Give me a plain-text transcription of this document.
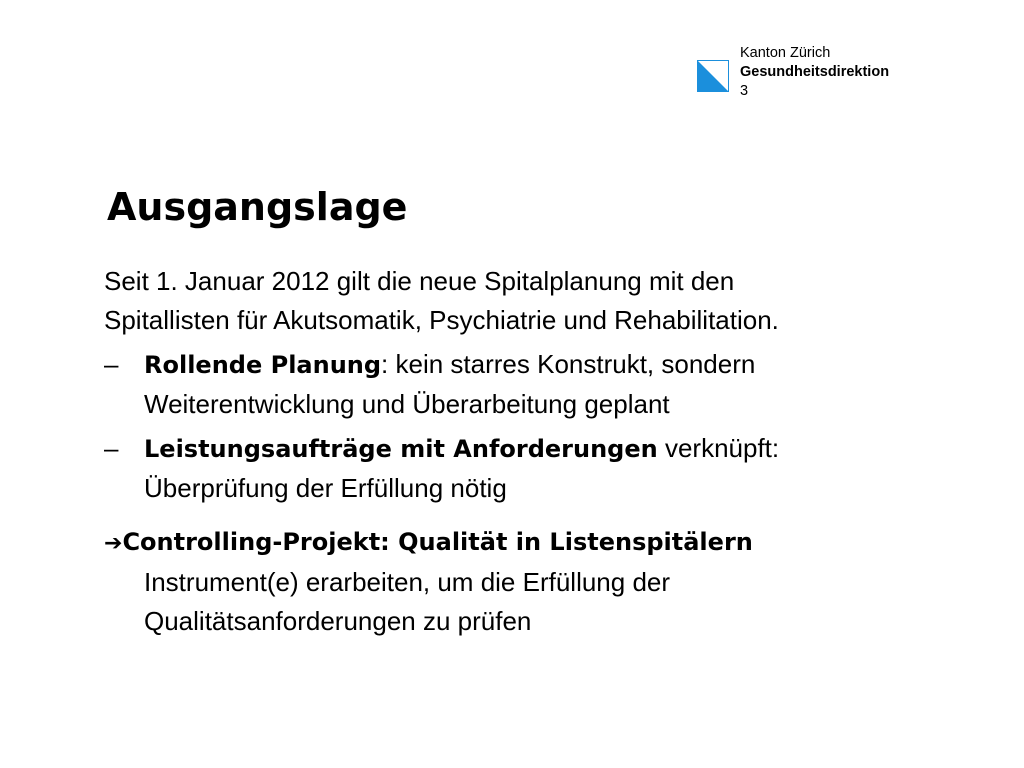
Kanton Zürich
Gesundheitsdirektion
3
Ausgangslage
Seit 1. Januar 2012 gilt die neue Spitalplanung mit den
Spitallisten für Akutsomatik, Psychiatrie und Rehabilitation.
– Rollende Planung: kein starres Konstrukt, sondern
Weiterentwicklung und Überarbeitung geplant
– Leistungsaufträge mit Anforderungen verknüpft:
Überprüfung der Erfüllung nötig
➔Controlling-Projekt: Qualität in Listenspitälern
Instrument(e) erarbeiten, um die Erfüllung der
Qualitätsanforderungen zu prüfen
